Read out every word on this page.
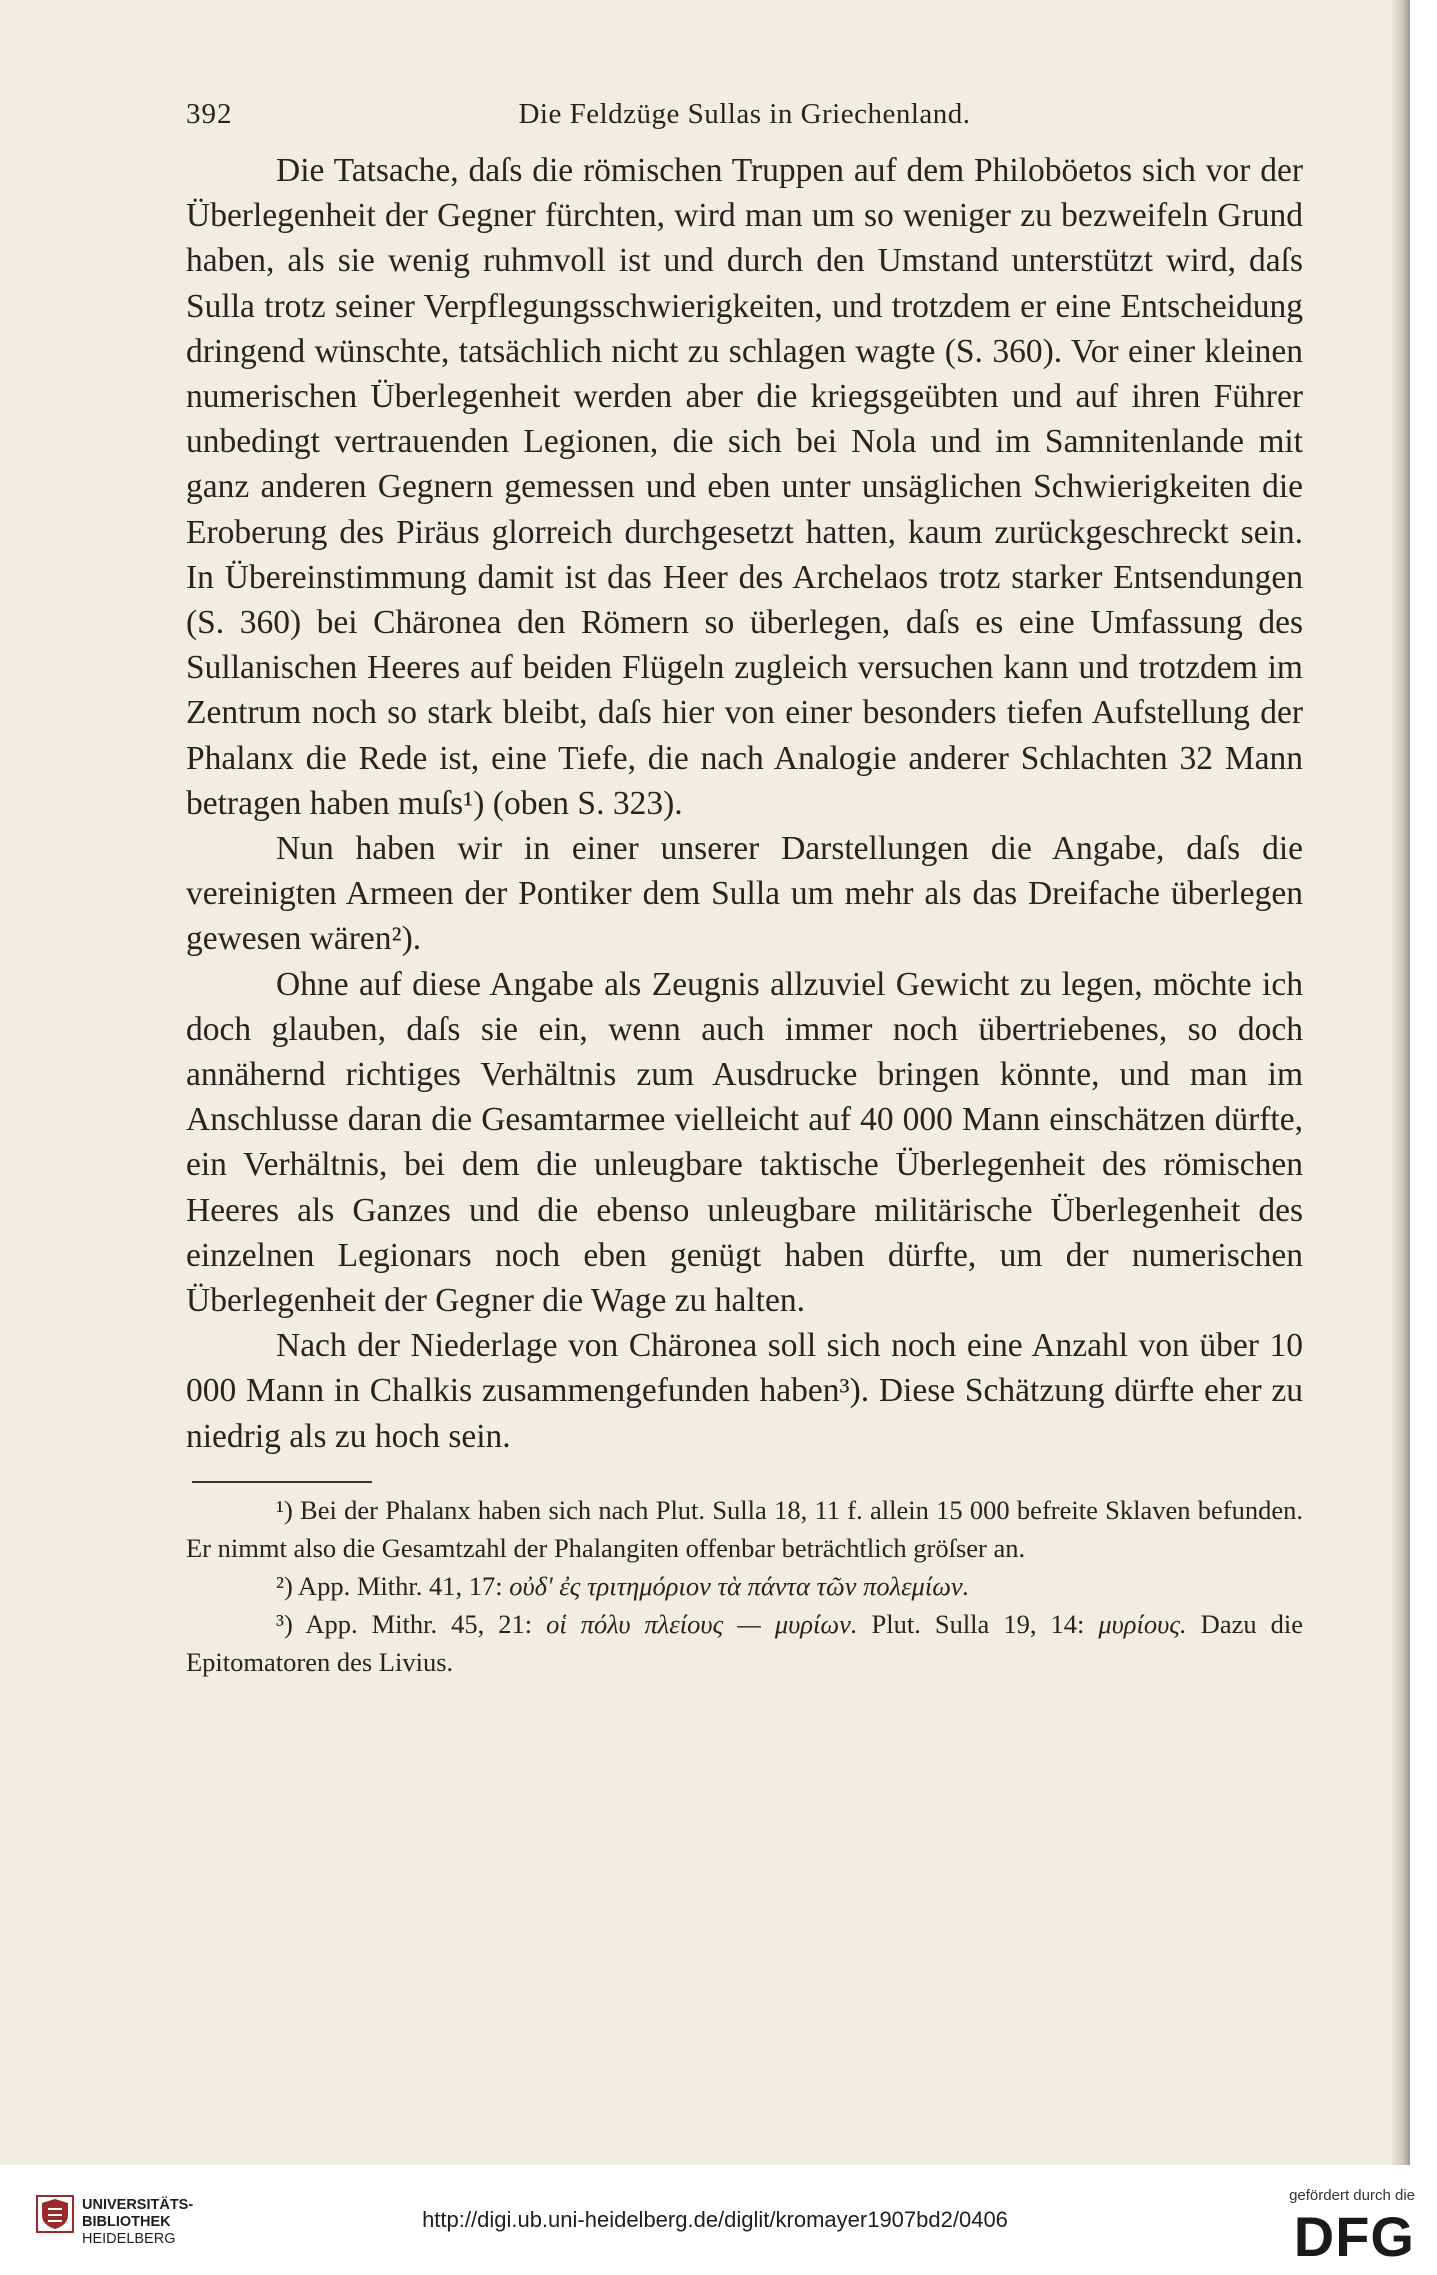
392	Die Feldzüge Sullas in Griechenland.

Die Tatsache, daſs die römischen Truppen auf dem Philoböetos sich vor der Überlegenheit der Gegner fürchten, wird man um so weniger zu bezweifeln Grund haben, als sie wenig ruhmvoll ist und durch den Umstand unterstützt wird, daſs Sulla trotz seiner Verpflegungsschwierigkeiten, und trotzdem er eine Entscheidung dringend wünschte, tatsächlich nicht zu schlagen wagte (S. 360). Vor einer kleinen numerischen Überlegenheit werden aber die kriegsgeübten und auf ihren Führer unbedingt vertrauenden Legionen, die sich bei Nola und im Samnitenlande mit ganz anderen Gegnern gemessen und eben unter unsäglichen Schwierigkeiten die Eroberung des Piräus glorreich durchgesetzt hatten, kaum zurückgeschreckt sein. In Übereinstimmung damit ist das Heer des Archelaos trotz starker Entsendungen (S. 360) bei Chäronea den Römern so überlegen, daſs es eine Umfassung des Sullanischen Heeres auf beiden Flügeln zugleich versuchen kann und trotzdem im Zentrum noch so stark bleibt, daſs hier von einer besonders tiefen Aufstellung der Phalanx die Rede ist, eine Tiefe, die nach Analogie anderer Schlachten 32 Mann betragen haben muſs¹) (oben S. 323).

Nun haben wir in einer unserer Darstellungen die Angabe, daſs die vereinigten Armeen der Pontiker dem Sulla um mehr als das Dreifache überlegen gewesen wären²).

Ohne auf diese Angabe als Zeugnis allzuviel Gewicht zu legen, möchte ich doch glauben, daſs sie ein, wenn auch immer noch übertriebenes, so doch annähernd richtiges Verhältnis zum Ausdrucke bringen könnte, und man im Anschlusse daran die Gesamtarmee vielleicht auf 40 000 Mann einschätzen dürfte, ein Verhältnis, bei dem die unleugbare taktische Überlegenheit des römischen Heeres als Ganzes und die ebenso unleugbare militärische Überlegenheit des einzelnen Legionars noch eben genügt haben dürfte, um der numerischen Überlegenheit der Gegner die Wage zu halten.

Nach der Niederlage von Chäronea soll sich noch eine Anzahl von über 10 000 Mann in Chalkis zusammengefunden haben³). Diese Schätzung dürfte eher zu niedrig als zu hoch sein.

¹) Bei der Phalanx haben sich nach Plut. Sulla 18, 11 f. allein 15 000 befreite Sklaven befunden. Er nimmt also die Gesamtzahl der Phalangiten offenbar beträchtlich gröſser an.

²) App. Mithr. 41, 17: οὐδ' ἐς τριτημόριον τὰ πάντα τῶν πολεμίων.

³) App. Mithr. 45, 21: οἱ πόλυ πλείους — μυρίων. Plut. Sulla 19, 14: μυρίους. Dazu die Epitomatoren des Livius.

UNIVERSITÄTS-
BIBLIOTHEK
HEIDELBERG
http://digi.ub.uni-heidelberg.de/diglit/kromayer1907bd2/0406
gefördert durch die
DFG
